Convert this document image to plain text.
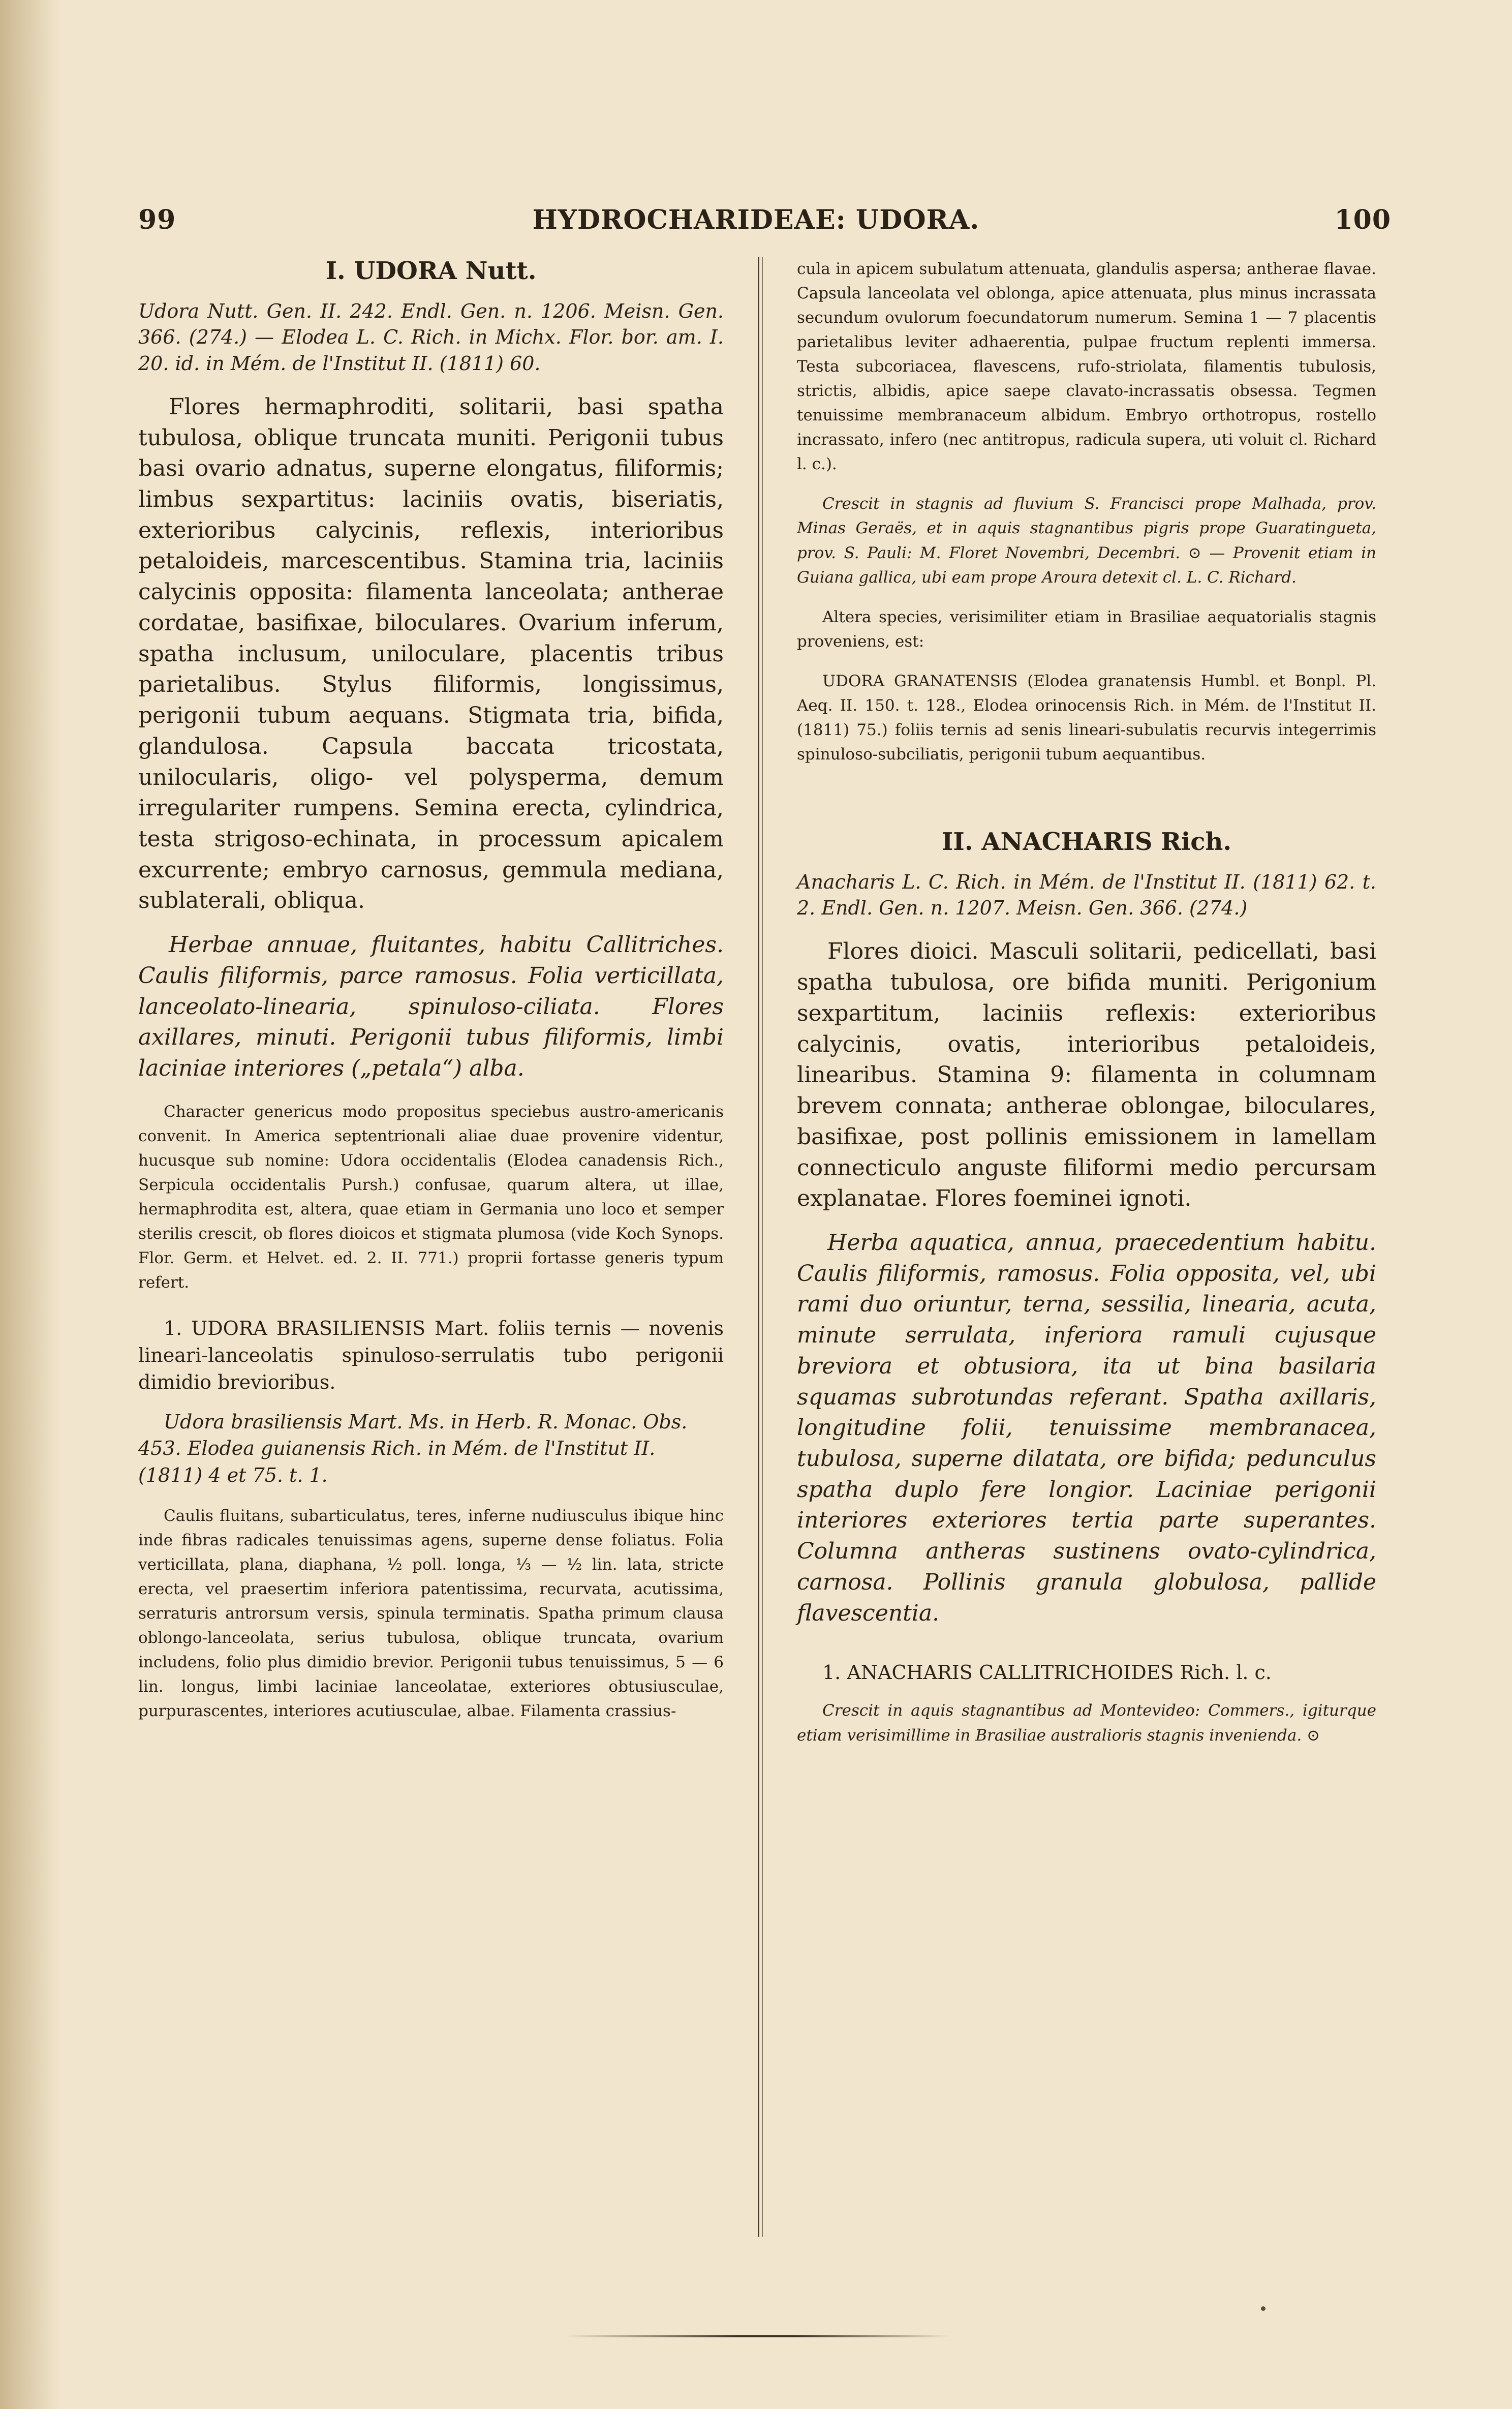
99	HYDROCHARIDEAE: UDORA.	100
I. UDORA Nutt.

Udora Nutt. Gen. II. 242. Endl. Gen. n. 1206. Meisn. Gen. 366. (274.) — Elodea L. C. Rich. in Michx. Flor. bor. am. I. 20. id. in Mém. de l'Institut II. (1811) 60.

Flores hermaphroditi, solitarii, basi spatha tubulosa, oblique truncata muniti. Perigonii tubus basi ovario adnatus, superne elongatus, filiformis; limbus sexpartitus: laciniis ovatis, biseriatis, exterioribus calycinis, reflexis, interioribus petaloideis, marcescentibus. Stamina tria, laciniis calycinis opposita: filamenta lanceolata; antherae cordatae, basifixae, biloculares. Ovarium inferum, spatha inclusum, uniloculare, placentis tribus parietalibus. Stylus filiformis, longissimus, perigonii tubum aequans. Stigmata tria, bifida, glandulosa. Capsula baccata tricostata, unilocularis, oligo- vel polysperma, demum irregulariter rumpens. Semina erecta, cylindrica, testa strigoso-echinata, in processum apicalem excurrente; embryo carnosus, gemmula mediana, sublaterali, obliqua.

Herbae annuae, fluitantes, habitu Callitriches. Caulis filiformis, parce ramosus. Folia verticillata, lanceolato-linearia, spinuloso-ciliata. Flores axillares, minuti. Perigonii tubus filiformis, limbi laciniae interiores („petala“) alba.

Character genericus modo propositus speciebus austro-americanis convenit. In America septentrionali aliae duae provenire videntur, hucusque sub nomine: Udora occidentalis (Elodea canadensis Rich., Serpicula occidentalis Pursh.) confusae, quarum altera, ut illae, hermaphrodita est, altera, quae etiam in Germania uno loco et semper sterilis crescit, ob flores dioicos et stigmata plumosa (vide Koch Synops. Flor. Germ. et Helvet. ed. 2. II. 771.) proprii fortasse generis typum refert.

1. UDORA BRASILIENSIS Mart. foliis ternis — novenis lineari-lanceolatis spinuloso-serrulatis tubo perigonii dimidio brevioribus.

Udora brasiliensis Mart. Ms. in Herb. R. Monac. Obs. 453. Elodea guianensis Rich. in Mém. de l'Institut II. (1811) 4 et 75. t. 1.

Caulis fluitans, subarticulatus, teres, inferne nudiusculus ibique hinc inde fibras radicales tenuissimas agens, superne dense foliatus. Folia verticillata, plana, diaphana, ½ poll. longa, ⅓ — ½ lin. lata, stricte erecta, vel praesertim inferiora patentissima, recurvata, acutissima, serraturis antrorsum versis, spinula terminatis. Spatha primum clausa oblongo-lanceolata, serius tubulosa, oblique truncata, ovarium includens, folio plus dimidio brevior. Perigonii tubus tenuissimus, 5 — 6 lin. longus, limbi laciniae lanceolatae, exteriores obtusiusculae, purpurascentes, interiores acutiusculae, albae. Filamenta crassius-

cula in apicem subulatum attenuata, glandulis aspersa; antherae flavae. Capsula lanceolata vel oblonga, apice attenuata, plus minus incrassata secundum ovulorum foecundatorum numerum. Semina 1 — 7 placentis parietalibus leviter adhaerentia, pulpae fructum replenti immersa. Testa subcoriacea, flavescens, rufo-striolata, filamentis tubulosis, strictis, albidis, apice saepe clavato-incrassatis obsessa. Tegmen tenuissime membranaceum albidum. Embryo orthotropus, rostello incrassato, infero (nec antitropus, radicula supera, uti voluit cl. Richard l. c.).

Crescit in stagnis ad fluvium S. Francisci prope Malhada, prov. Minas Geraës, et in aquis stagnantibus pigris prope Guaratingueta, prov. S. Pauli: M. Floret Novembri, Decembri. ⊙ — Provenit etiam in Guiana gallica, ubi eam prope Aroura detexit cl. L. C. Richard.

Altera species, verisimiliter etiam in Brasiliae aequatorialis stagnis proveniens, est:

UDORA GRANATENSIS (Elodea granatensis Humbl. et Bonpl. Pl. Aeq. II. 150. t. 128., Elodea orinocensis Rich. in Mém. de l'Institut II. (1811) 75.) foliis ternis ad senis lineari-subulatis recurvis integerrimis spinuloso-subciliatis, perigonii tubum aequantibus.

II. ANACHARIS Rich.

Anacharis L. C. Rich. in Mém. de l'Institut II. (1811) 62. t. 2. Endl. Gen. n. 1207. Meisn. Gen. 366. (274.)

Flores dioici. Masculi solitarii, pedicellati, basi spatha tubulosa, ore bifida muniti. Perigonium sexpartitum, laciniis reflexis: exterioribus calycinis, ovatis, interioribus petaloideis, linearibus. Stamina 9: filamenta in columnam brevem connata; antherae oblongae, biloculares, basifixae, post pollinis emissionem in lamellam connecticulo anguste filiformi medio percursam explanatae. Flores foeminei ignoti.

Herba aquatica, annua, praecedentium habitu. Caulis filiformis, ramosus. Folia opposita, vel, ubi rami duo oriuntur, terna, sessilia, linearia, acuta, minute serrulata, inferiora ramuli cujusque breviora et obtusiora, ita ut bina basilaria squamas subrotundas referant. Spatha axillaris, longitudine folii, tenuissime membranacea, tubulosa, superne dilatata, ore bifida; pedunculus spatha duplo fere longior. Laciniae perigonii interiores exteriores tertia parte superantes. Columna antheras sustinens ovato-cylindrica, carnosa. Pollinis granula globulosa, pallide flavescentia.

1. ANACHARIS CALLITRICHOIDES Rich. l. c.

Crescit in aquis stagnantibus ad Montevideo: Commers., igiturque etiam verisimillime in Brasiliae australioris stagnis invenienda. ⊙
